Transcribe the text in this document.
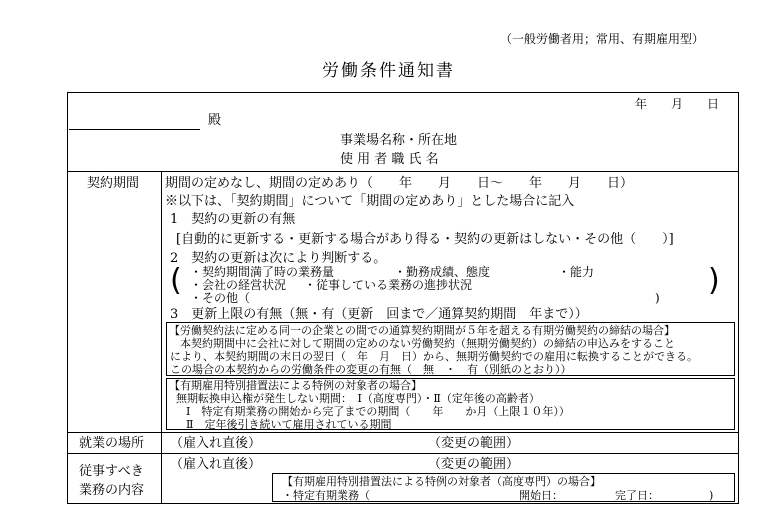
（一般労働者用；常用、有期雇用型）
労働条件通知書
年　　月　　日
殿
事業場名称・所在地
使 用 者 職 氏 名
契約期間 期間の定めなし、期間の定めあり（　　年　　月　　日～　　年　　月　　日）
※以下は、「契約期間」について「期間の定めあり」とした場合に記入
1　契約の更新の有無
[自動的に更新する・更新する場合があり得る・契約の更新はしない・その他（　　）]
2　契約の更新は次により判断する。
( ・契約期間満了時の業務量	・勤務成績、態度	・能力
・会社の経営状況 ・従事している業務の進捗状況
・その他（	) )
3　更新上限の有無（無・有（更新　回まで／通算契約期間　年まで））
【労働契約法に定める同一の企業との間での通算契約期間が５年を超える有期労働契約の締結の場合】
本契約期間中に会社に対して期間の定めのない労働契約（無期労働契約）の締結の申込みをすること
により、本契約期間の末日の翌日（　年　月　日）から、無期労働契約での雇用に転換することができる。
この場合の本契約からの労働条件の変更の有無（　無　・　有（別紙のとおり））
【有期雇用特別措置法による特例の対象者の場合】
無期転換申込権が発生しない期間：　Ⅰ（高度専門）・Ⅱ（定年後の高齢者）
Ⅰ　特定有期業務の開始から完了までの期間（　　年　　か月（上限１０年））
Ⅱ　定年後引き続いて雇用されている期間
就業の場所 （雇入れ直後）	（変更の範囲）
従事すべき
業務の内容
（雇入れ直後）	（変更の範囲）
【有期雇用特別措置法による特例の対象者（高度専門）の場合】
・特定有期業務（	開始日：	完了日：	)
